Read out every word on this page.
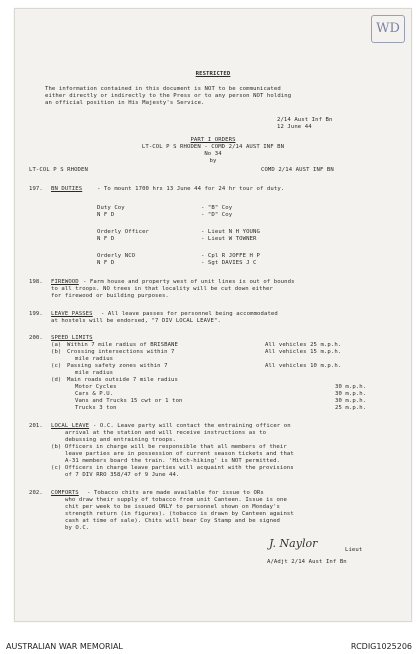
WD
RESTRICTED
The information contained in this document is NOT to be communicated
either directly or indirectly to the Press or to any person NOT holding
an official position in His Majesty's Service.
2/14 Aust Inf Bn
12 June 44
PART I ORDERS
LT-COL P S RHODEN - COMD 2/14 AUST INF BN
No 34
by
LT-COL P S RHODEN	COMD 2/14 AUST INF BN
197. BN DUTIES	- To mount 1700 hrs 13 June 44 for 24 hr tour of duty.
Duty Coy	- "B" Coy
N F D	- "D" Coy
Orderly Officer	- Lieut N H YOUNG
N F D	- Lieut W TOWNER
Orderly NCO	- Cpl R JOFFE H P
N F D	- Sgt DAVIES J C
198. FIREWOOD - Farm house and property west of unit lines is out of bounds
to all troops. NO trees in that locality will be cut down either
for firewood or building purposes.
199. LEAVE PASSES - All leave passes for personnel being accommodated
at hostels will be endorsed, "7 DIV LOCAL LEAVE".
200. SPEED LIMITS
(a) Within 7 mile radius of BRISBANE	All vehicles 25 m.p.h.
(b) Crossing intersections within 7	All vehicles 15 m.p.h.
mile radius
(c) Passing safety zones within 7	All vehicles 10 m.p.h.
mile radius
(d) Main roads outside 7 mile radius
Motor Cycles	30 m.p.h.
Cars & P.U.	30 m.p.h.
Vans and Trucks 15 cwt or 1 ton	30 m.p.h.
Trucks 3 ton	25 m.p.h.
201. LOCAL LEAVE - O.C. Leave party will contact the entraining officer on
arrival at the station and will receive instructions as to
debussing and entraining troops.
(b) Officers in charge will be responsible that all members of their
leave parties are in possession of current season tickets and that
A-31 members board the train. 'Hitch-hiking' is NOT permitted.
(c) Officers in charge leave parties will acquaint with the provisions
of 7 DIV RRO 358/47 of 9 June 44.
202. COMFORTS - Tobacco chits are made available for issue to ORs
who draw their supply of tobacco from unit Canteen. Issue is one
chit per week to be issued ONLY to personnel shown on Monday's
strength return (in figures). (tobacco is drawn by Canteen against
cash at time of sale). Chits will bear Coy Stamp and be signed
by O.C.
J. Naylor	Lieut
A/Adjt 2/14 Aust Inf Bn
AUSTRALIAN WAR MEMORIAL	RCDIG1025206
